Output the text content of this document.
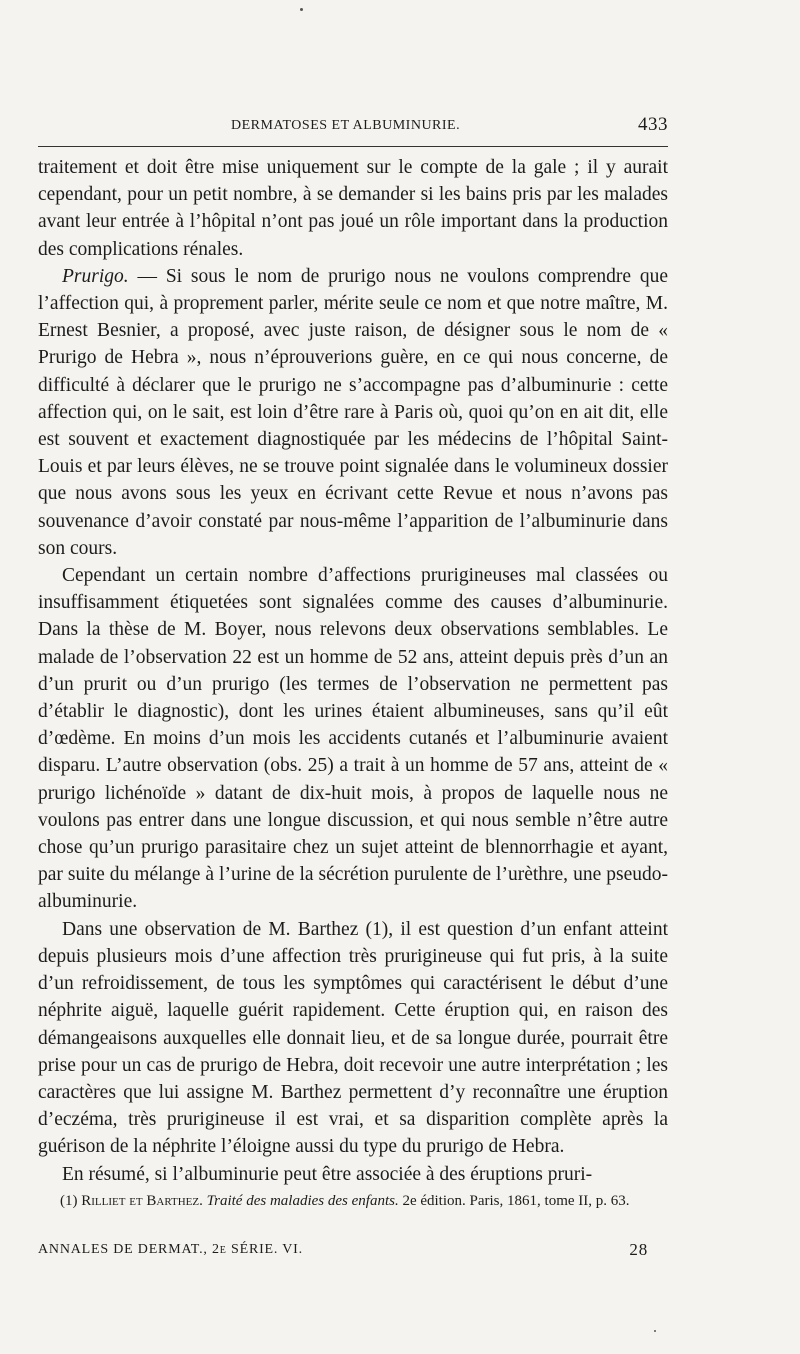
DERMATOSES ET ALBUMINURIE.	433

traitement et doit être mise uniquement sur le compte de la gale ; il y aurait cependant, pour un petit nombre, à se demander si les bains pris par les malades avant leur entrée à l’hôpital n’ont pas joué un rôle important dans la production des complications rénales.

Prurigo. — Si sous le nom de prurigo nous ne voulons comprendre que l’affection qui, à proprement parler, mérite seule ce nom et que notre maître, M. Ernest Besnier, a proposé, avec juste raison, de désigner sous le nom de « Prurigo de Hebra », nous n’éprouverions guère, en ce qui nous concerne, de difficulté à déclarer que le prurigo ne s’accompagne pas d’albuminurie : cette affection qui, on le sait, est loin d’être rare à Paris où, quoi qu’on en ait dit, elle est souvent et exactement diagnostiquée par les médecins de l’hôpital Saint-Louis et par leurs élèves, ne se trouve point signalée dans le volumineux dossier que nous avons sous les yeux en écrivant cette Revue et nous n’avons pas souvenance d’avoir constaté par nous-même l’apparition de l’albuminurie dans son cours.

Cependant un certain nombre d’affections prurigineuses mal classées ou insuffisamment étiquetées sont signalées comme des causes d’albuminurie. Dans la thèse de M. Boyer, nous relevons deux observations semblables. Le malade de l’observation 22 est un homme de 52 ans, atteint depuis près d’un an d’un prurit ou d’un prurigo (les termes de l’observation ne permettent pas d’établir le diagnostic), dont les urines étaient albumineuses, sans qu’il eût d’œdème. En moins d’un mois les accidents cutanés et l’albuminurie avaient disparu. L’autre observation (obs. 25) a trait à un homme de 57 ans, atteint de « prurigo lichénoïde » datant de dix-huit mois, à propos de laquelle nous ne voulons pas entrer dans une longue discussion, et qui nous semble n’être autre chose qu’un prurigo parasitaire chez un sujet atteint de blennorrhagie et ayant, par suite du mélange à l’urine de la sécrétion purulente de l’urèthre, une pseudo-albuminurie.

Dans une observation de M. Barthez (1), il est question d’un enfant atteint depuis plusieurs mois d’une affection très prurigineuse qui fut pris, à la suite d’un refroidissement, de tous les symptômes qui caractérisent le début d’une néphrite aiguë, laquelle guérit rapidement. Cette éruption qui, en raison des démangeaisons auxquelles elle donnait lieu, et de sa longue durée, pourrait être prise pour un cas de prurigo de Hebra, doit recevoir une autre interprétation ; les caractères que lui assigne M. Barthez permettent d’y reconnaître une éruption d’eczéma, très prurigineuse il est vrai, et sa disparition complète après la guérison de la néphrite l’éloigne aussi du type du prurigo de Hebra.

En résumé, si l’albuminurie peut être associée à des éruptions pruri-

(1) Rilliet et Barthez. Traité des maladies des enfants. 2e édition. Paris, 1861, tome II, p. 63.
ANNALES DE DERMAT., 2e SÉRIE. VI.	28
